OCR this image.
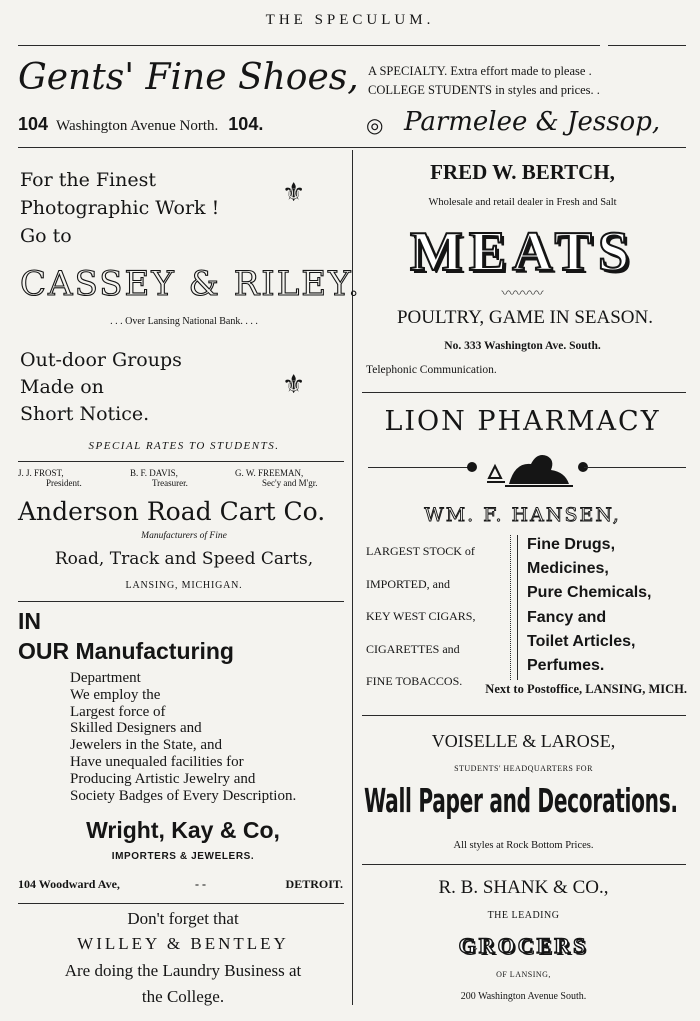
THE SPECULUM.
Gents' Fine Shoes, A SPECIALTY. Extra effort made to please .
COLLEGE STUDENTS in styles and prices. .
104 Washington Avenue North. 104.	◎ Parmelee & Jessop,
For the Finest
Photographic Work !
Go to
⚜
CASSEY & RILEY.
. . . Over Lansing National Bank. . . .
Out-door Groups
Made on
Short Notice.
⚜
SPECIAL RATES TO STUDENTS.
J. J. FROST,
President.
B. F. DAVIS,
Treasurer.
G. W. FREEMAN,
Sec'y and M'gr.
Anderson Road Cart Co.
Manufacturers of Fine
Road, Track and Speed Carts,
LANSING, MICHIGAN.
IN
OUR Manufacturing
Department
We employ the
Largest force of
Skilled Designers and
Jewelers in the State, and
Have unequaled facilities for
Producing Artistic Jewelry and
Society Badges of Every Description.
Wright, Kay & Co,
IMPORTERS & JEWELERS.
104 Woodward Ave,	- -	DETROIT.
Don't forget that
WILLEY & BENTLEY
Are doing the Laundry Business at
the College.
FRED W. BERTCH,
Wholesale and retail dealer in Fresh and Salt
MEATS
〰〰〰
POULTRY, GAME IN SEASON.
No. 333 Washington Ave. South.
Telephonic Communication.
LION PHARMACY
WM. F. HANSEN,
LARGEST STOCK of
IMPORTED, and
KEY WEST CIGARS,
CIGARETTES and
FINE TOBACCOS.
Fine Drugs,
Medicines,
Pure Chemicals,
Fancy and
Toilet Articles,
Perfumes.
Next to Postoffice, LANSING, MICH.
VOISELLE & LAROSE,
STUDENTS' HEADQUARTERS FOR
Wall Paper and Decorations.
All styles at Rock Bottom Prices.
R. B. SHANK & CO.,
THE LEADING
GROCERS
OF LANSING,
200 Washington Avenue South.
